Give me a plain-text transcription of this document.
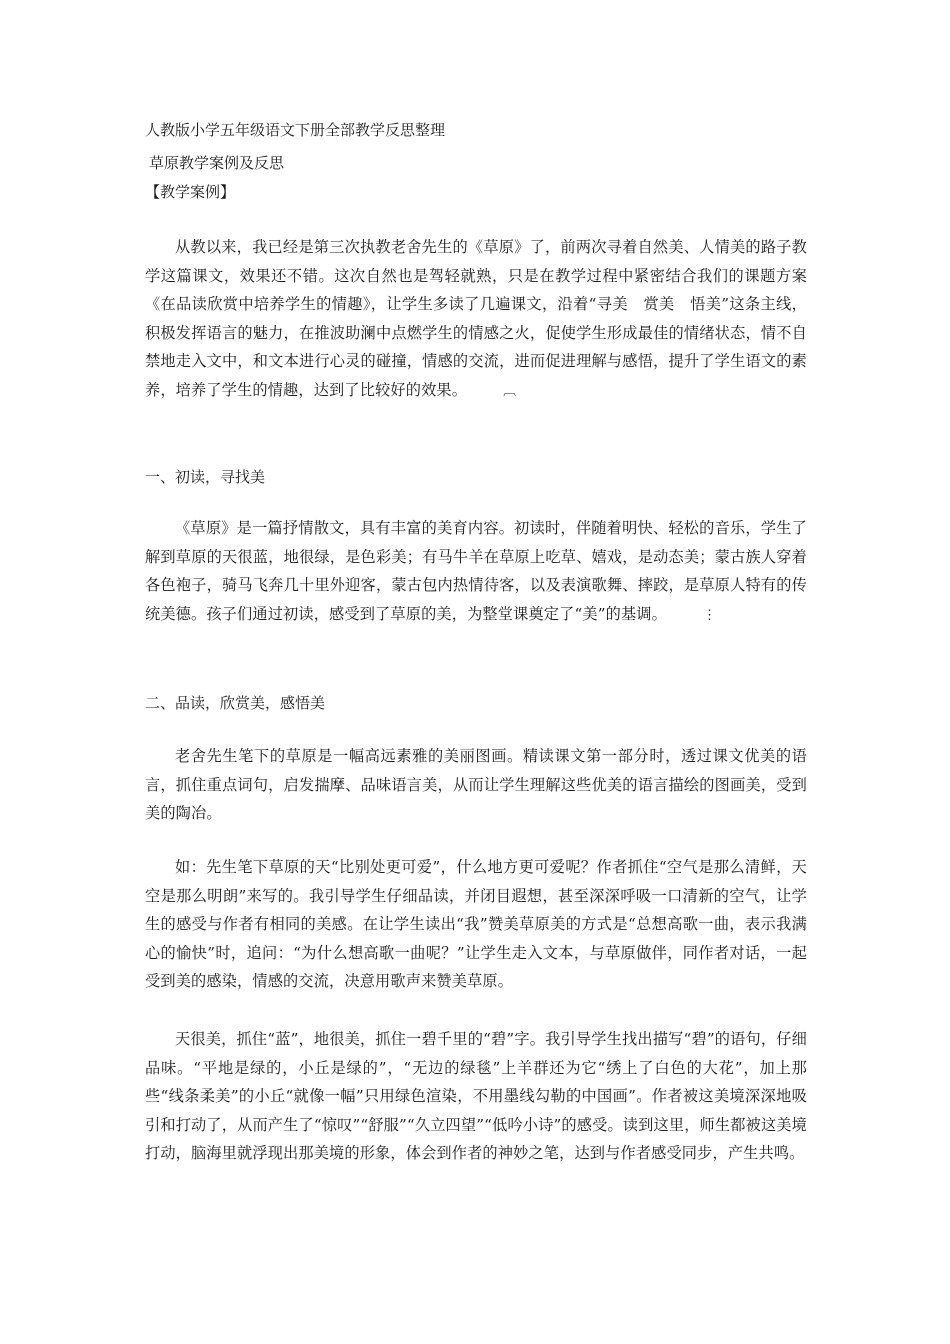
人教版小学五年级语文下册全部教学反思整理
草原教学案例及反思
【教学案例】
从教以来，我已经是第三次执教老舍先生的《草原》了，前两次寻着自然美、人情美的路子教学这篇课文，效果还不错。这次自然也是驾轻就熟，只是在教学过程中紧密结合我们的课题方案《在品读欣赏中培养学生的情趣》，让学生多读了几遍课文，沿着“寻美　赏美　悟美”这条主线，积极发挥语言的魅力，在推波助澜中点燃学生的情感之火，促使学生形成最佳的情绪状态，情不自禁地走入文中，和文本进行心灵的碰撞，情感的交流，进而促进理解与感悟，提升了学生语文的素养，培养了学生的情趣，达到了比较好的效果。	︹
一、初读，寻找美
《草原》是一篇抒情散文，具有丰富的美育内容。初读时，伴随着明快、轻松的音乐，学生了解到草原的天很蓝，地很绿，是色彩美；有马牛羊在草原上吃草、嬉戏，是动态美；蒙古族人穿着各色袍子，骑马飞奔几十里外迎客，蒙古包内热情待客，以及表演歌舞、摔跤，是草原人特有的传统美德。孩子们通过初读，感受到了草原的美，为整堂课奠定了“美”的基调。	⋮
二、品读，欣赏美，感悟美
老舍先生笔下的草原是一幅高远素雅的美丽图画。精读课文第一部分时，透过课文优美的语言，抓住重点词句，启发揣摩、品味语言美，从而让学生理解这些优美的语言描绘的图画美，受到美的陶冶。
如：先生笔下草原的天“比别处更可爱”，什么地方更可爱呢？作者抓住“空气是那么清鲜，天空是那么明朗”来写的。我引导学生仔细品读，并闭目遐想，甚至深深呼吸一口清新的空气，让学生的感受与作者有相同的美感。在让学生读出“我”赞美草原美的方式是“总想高歌一曲，表示我满心的愉快”时，追问：“为什么想高歌一曲呢？”让学生走入文本，与草原做伴，同作者对话，一起受到美的感染，情感的交流，决意用歌声来赞美草原。
天很美，抓住“蓝”，地很美，抓住一碧千里的“碧”字。我引导学生找出描写“碧”的语句，仔细品味。“平地是绿的，小丘是绿的”，“无边的绿毯”上羊群还为它“绣上了白色的大花”，加上那些“线条柔美”的小丘“就像一幅”只用绿色渲染，不用墨线勾勒的中国画”。作者被这美境深深地吸引和打动了，从而产生了“惊叹”“舒服”“久立四望”“低吟小诗”的感受。读到这里，师生都被这美境打动，脑海里就浮现出那美境的形象，体会到作者的神妙之笔，达到与作者感受同步，产生共鸣。
